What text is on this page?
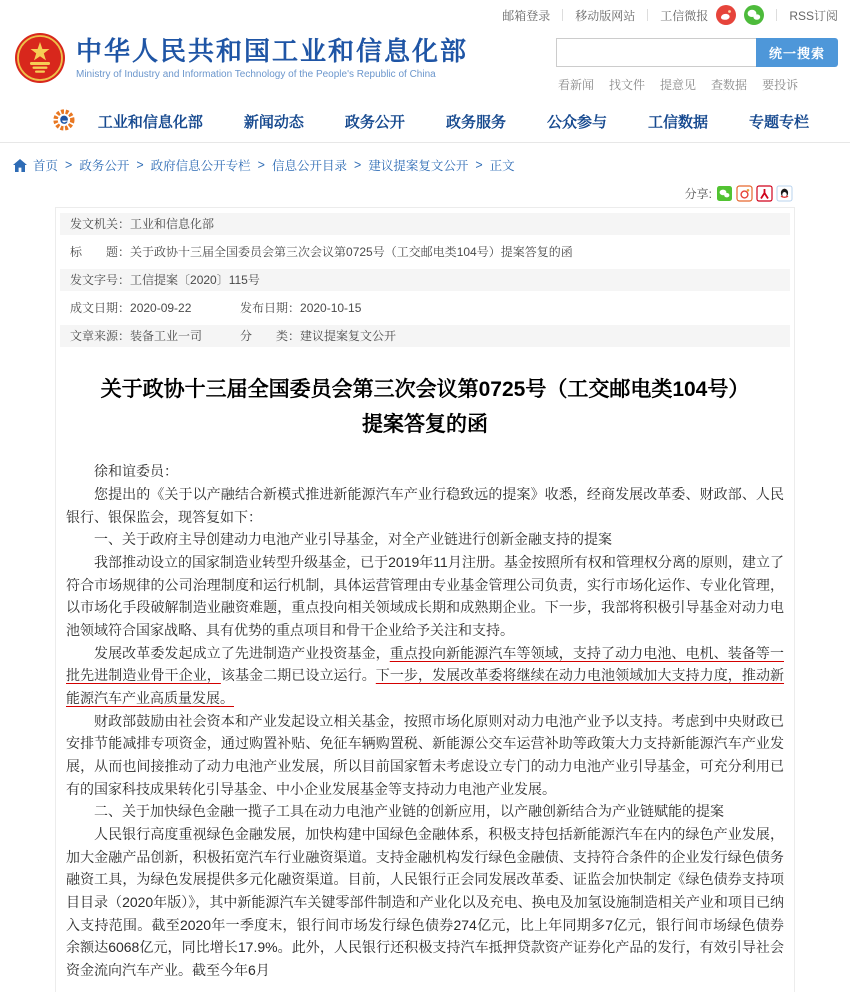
邮箱登录 移动版网站 工信微报	RSS订阅
中华人民共和国工业和信息化部
Ministry of Industry and Information Technology of the People's Republic of China
统一搜索
看新闻 找文件 提意见 查数据 要投诉
工业和信息化部	新闻动态	政务公开	政务服务	公众参与	工信数据	专题专栏
首页 > 政务公开 > 政府信息公开专栏 > 信息公开目录 > 建议提案复文公开 > 正文
分享:
发文机关： 工业和信息化部
标　　题： 关于政协十三届全国委员会第三次会议第0725号（工交邮电类104号）提案答复的函
发文字号： 工信提案〔2020〕115号
成文日期： 2020-09-22	发布日期： 2020-10-15
文章来源： 装备工业一司	分　　类： 建议提案复文公开
关于政协十三届全国委员会第三次会议第0725号（工交邮电类104号）提案答复的函

徐和谊委员：

您提出的《关于以产融结合新模式推进新能源汽车产业行稳致远的提案》收悉，经商发展改革委、财政部、人民银行、银保监会，现答复如下：

一、关于政府主导创建动力电池产业引导基金，对全产业链进行创新金融支持的提案

我部推动设立的国家制造业转型升级基金，已于2019年11月注册。基金按照所有权和管理权分离的原则，建立了符合市场规律的公司治理制度和运行机制，具体运营管理由专业基金管理公司负责，实行市场化运作、专业化管理，以市场化手段破解制造业融资难题，重点投向相关领域成长期和成熟期企业。下一步，我部将积极引导基金对动力电池领域符合国家战略、具有优势的重点项目和骨干企业给予关注和支持。

发展改革委发起成立了先进制造产业投资基金，重点投向新能源汽车等领域，支持了动力电池、电机、装备等一批先进制造业骨干企业，该基金二期已设立运行。下一步，发展改革委将继续在动力电池领域加大支持力度，推动新能源汽车产业高质量发展。

财政部鼓励由社会资本和产业发起设立相关基金，按照市场化原则对动力电池产业予以支持。考虑到中央财政已安排节能减排专项资金，通过购置补贴、免征车辆购置税、新能源公交车运营补助等政策大力支持新能源汽车产业发展，从而也间接推动了动力电池产业发展，所以目前国家暂未考虑设立专门的动力电池产业引导基金，可充分利用已有的国家科技成果转化引导基金、中小企业发展基金等支持动力电池产业发展。

二、关于加快绿色金融一揽子工具在动力电池产业链的创新应用，以产融创新结合为产业链赋能的提案

人民银行高度重视绿色金融发展，加快构建中国绿色金融体系，积极支持包括新能源汽车在内的绿色产业发展，加大金融产品创新，积极拓宽汽车行业融资渠道。支持金融机构发行绿色金融债、支持符合条件的企业发行绿色债务融资工具，为绿色发展提供多元化融资渠道。目前，人民银行正会同发展改革委、证监会加快制定《绿色债券支持项目目录（2020年版）》，其中新能源汽车关键零部件制造和产业化以及充电、换电及加氢设施制造相关产业和项目已纳入支持范围。截至2020年一季度末，银行间市场发行绿色债券274亿元，比上年同期多7亿元，银行间市场绿色债券余额达6068亿元，同比增长17.9%。此外，人民银行还积极支持汽车抵押贷款资产证券化产品的发行，有效引导社会资金流向汽车产业。截至今年6月
